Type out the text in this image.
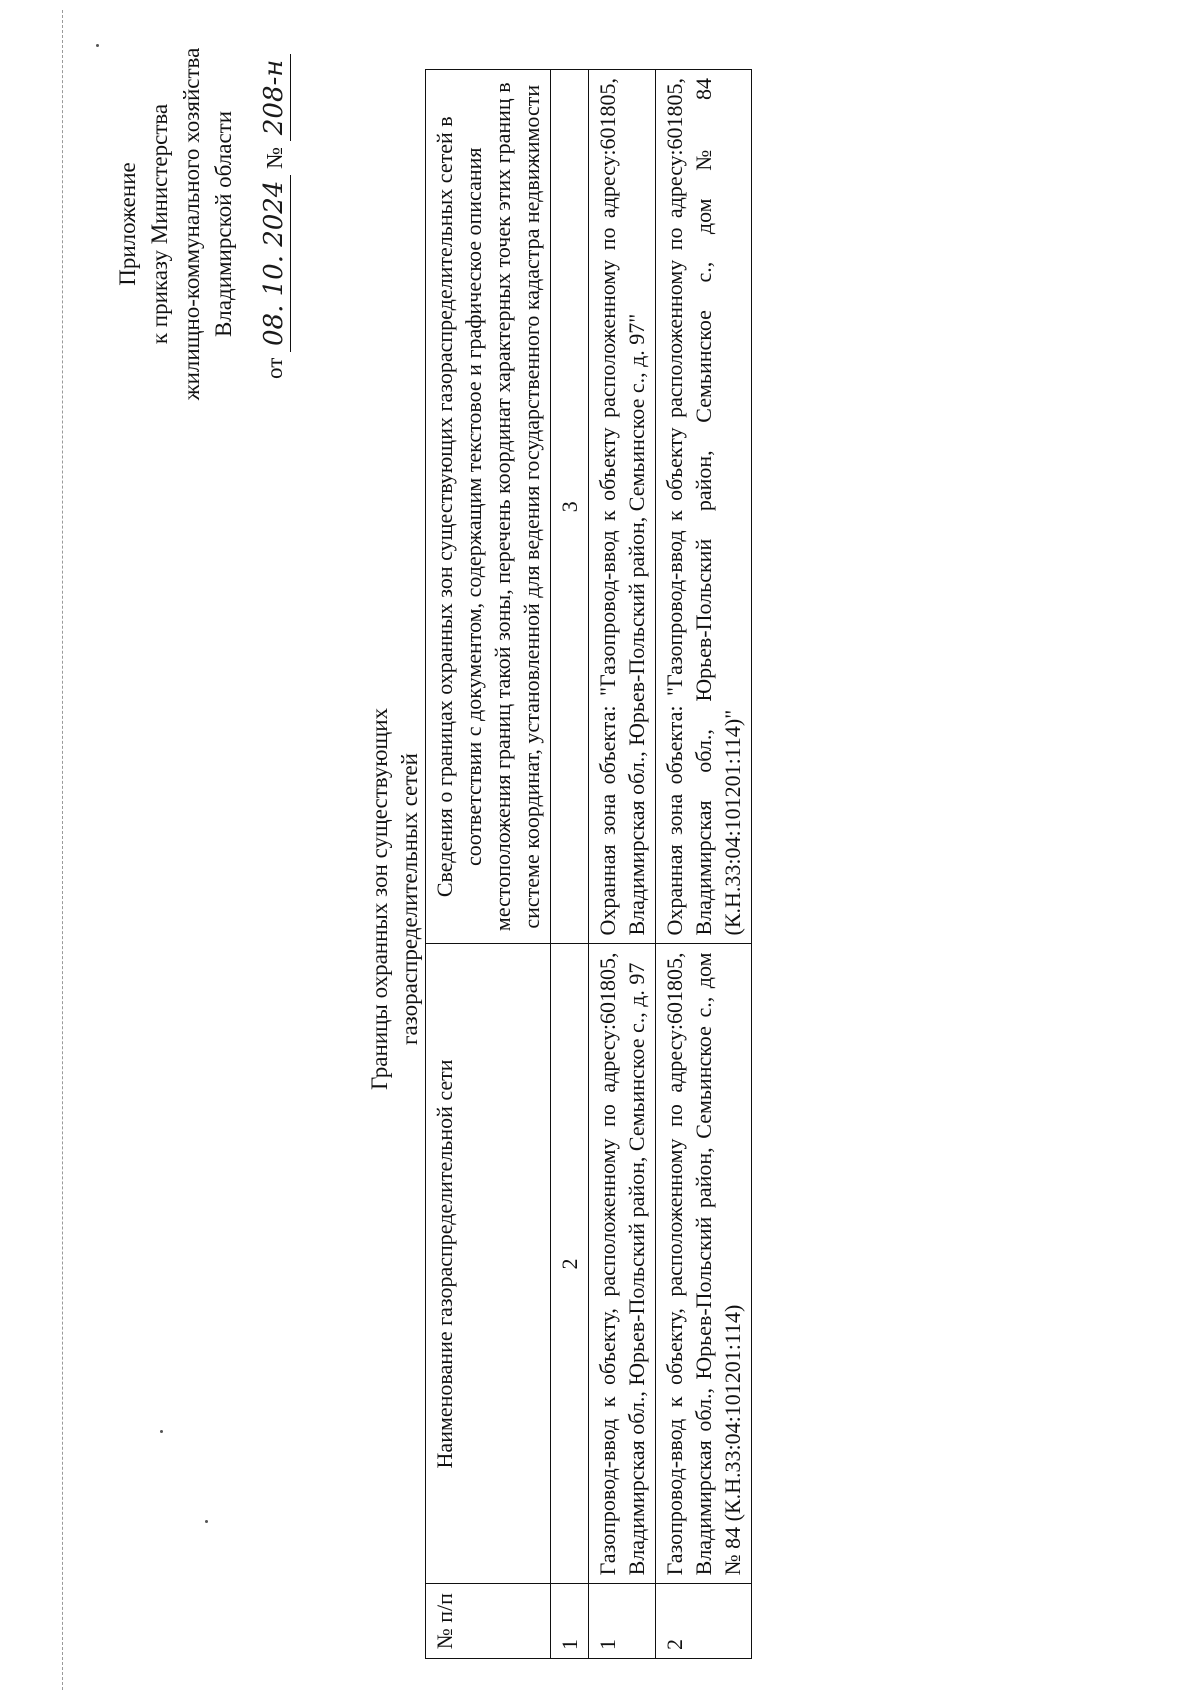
Приложение к приказу Министерства жилищно-коммунального хозяйства Владимирской области
от 08. 10. 2024 № 208-н
Границы охранных зон существующих газораспределительных сетей
№ п/п	Наименование газораспределительной сети	Сведения о границах охранных зон существующих газораспределительных сетей в соответствии с документом, содержащим текстовое и графическое описания местоположения границ такой зоны, перечень координат характерных точек этих границ в системе координат, установленной для ведения государственного кадастра недвижимости
1	2	3
1	Газопровод-ввод к объекту, расположенному по адресу:601805, Владимирская обл., Юрьев-Польский район, Семьинское с., д. 97	Охранная зона объекта: "Газопровод-ввод к объекту расположенному по адресу:601805, Владимирская обл., Юрьев-Польский район, Семьинское с., д. 97"
2	Газопровод-ввод к объекту, расположенному по адресу:601805, Владимирская обл., Юрьев-Польский район, Семьинское с., дом № 84 (К.Н.33:04:101201:114)	Охранная зона объекта: "Газопровод-ввод к объекту расположенному по адресу:601805, Владимирская обл., Юрьев-Польский район, Семьинское с., дом № 84 (К.Н.33:04:101201:114)"
